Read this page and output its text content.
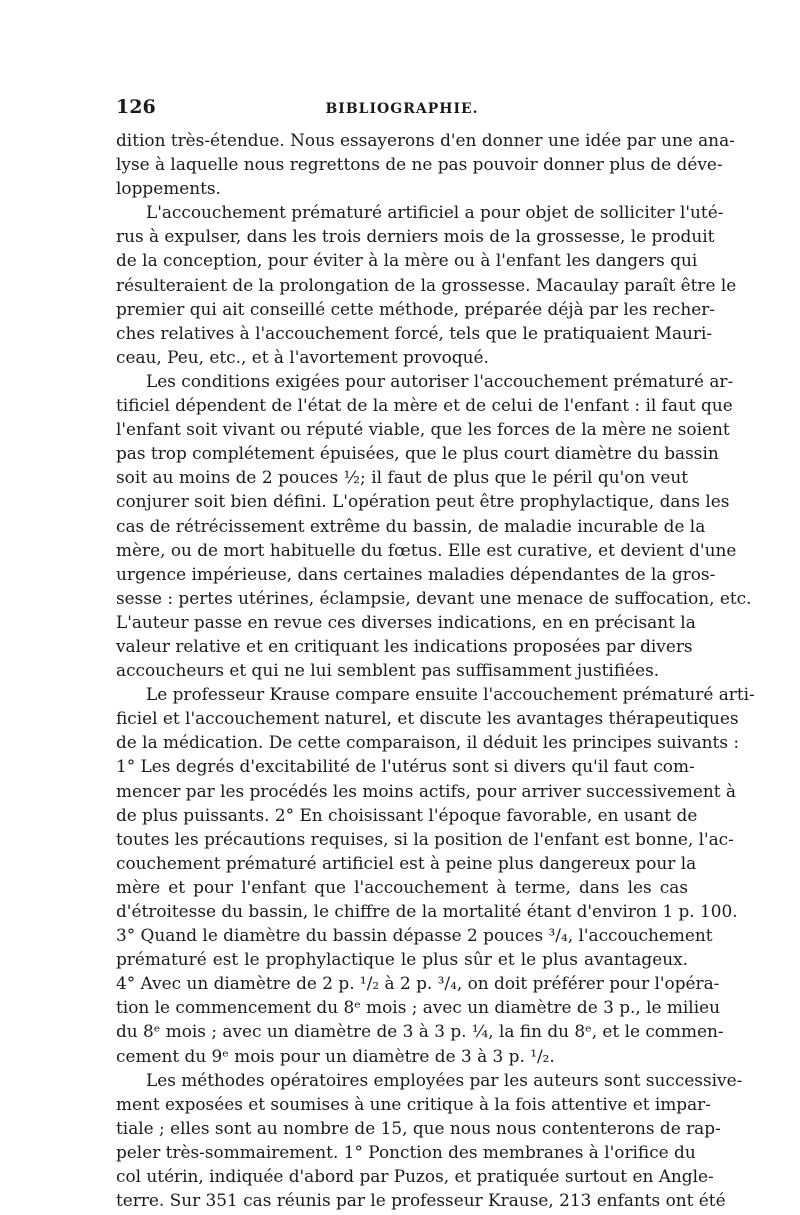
126	BIBLIOGRAPHIE.

dition très-étendue. Nous essayerons d'en donner une idée par une ana-
lyse à laquelle nous regrettons de ne pas pouvoir donner plus de déve-
loppements.

L'accouchement prématuré artificiel a pour objet de solliciter l'uté-
rus à expulser, dans les trois derniers mois de la grossesse, le produit
de la conception, pour éviter à la mère ou à l'enfant les dangers qui
résulteraient de la prolongation de la grossesse. Macaulay paraît être le
premier qui ait conseillé cette méthode, préparée déjà par les recher-
ches relatives à l'accouchement forcé, tels que le pratiquaient Mauri-
ceau, Peu, etc., et à l'avortement provoqué.

Les conditions exigées pour autoriser l'accouchement prématuré ar-
tificiel dépendent de l'état de la mère et de celui de l'enfant : il faut que
l'enfant soit vivant ou réputé viable, que les forces de la mère ne soient
pas trop complétement épuisées, que le plus court diamètre du bassin
soit au moins de 2 pouces ½; il faut de plus que le péril qu'on veut
conjurer soit bien défini. L'opération peut être prophylactique, dans les
cas de rétrécissement extrême du bassin, de maladie incurable de la
mère, ou de mort habituelle du fœtus. Elle est curative, et devient d'une
urgence impérieuse, dans certaines maladies dépendantes de la gros-
sesse : pertes utérines, éclampsie, devant une menace de suffocation, etc.
L'auteur passe en revue ces diverses indications, en en précisant la
valeur relative et en critiquant les indications proposées par divers
accoucheurs et qui ne lui semblent pas suffisamment justifiées.

Le professeur Krause compare ensuite l'accouchement prématuré arti-
ficiel et l'accouchement naturel, et discute les avantages thérapeutiques
de la médication. De cette comparaison, il déduit les principes suivants :
1° Les degrés d'excitabilité de l'utérus sont si divers qu'il faut com-
mencer par les procédés les moins actifs, pour arriver successivement à
de plus puissants. 2° En choisissant l'époque favorable, en usant de
toutes les précautions requises, si la position de l'enfant est bonne, l'ac-
couchement prématuré artificiel est à peine plus dangereux pour la
mère et pour l'enfant que l'accouchement à terme, dans les cas
d'étroitesse du bassin, le chiffre de la mortalité étant d'environ 1 p. 100.
3° Quand le diamètre du bassin dépasse 2 pouces ³/₄, l'accouchement
prématuré est le prophylactique le plus sûr et le plus avantageux.
4° Avec un diamètre de 2 p. ¹/₂ à 2 p. ³/₄, on doit préférer pour l'opéra-
tion le commencement du 8ᵉ mois ; avec un diamètre de 3 p., le milieu
du 8ᵉ mois ; avec un diamètre de 3 à 3 p. ¼, la fin du 8ᵉ, et le commen-
cement du 9ᵉ mois pour un diamètre de 3 à 3 p. ¹/₂.

Les méthodes opératoires employées par les auteurs sont successive-
ment exposées et soumises à une critique à la fois attentive et impar-
tiale ; elles sont au nombre de 15, que nous nous contenterons de rap-
peler très-sommairement. 1° Ponction des membranes à l'orifice du
col utérin, indiquée d'abord par Puzos, et pratiquée surtout en Angle-
terre. Sur 351 cas réunis par le professeur Krause, 213 enfants ont été
